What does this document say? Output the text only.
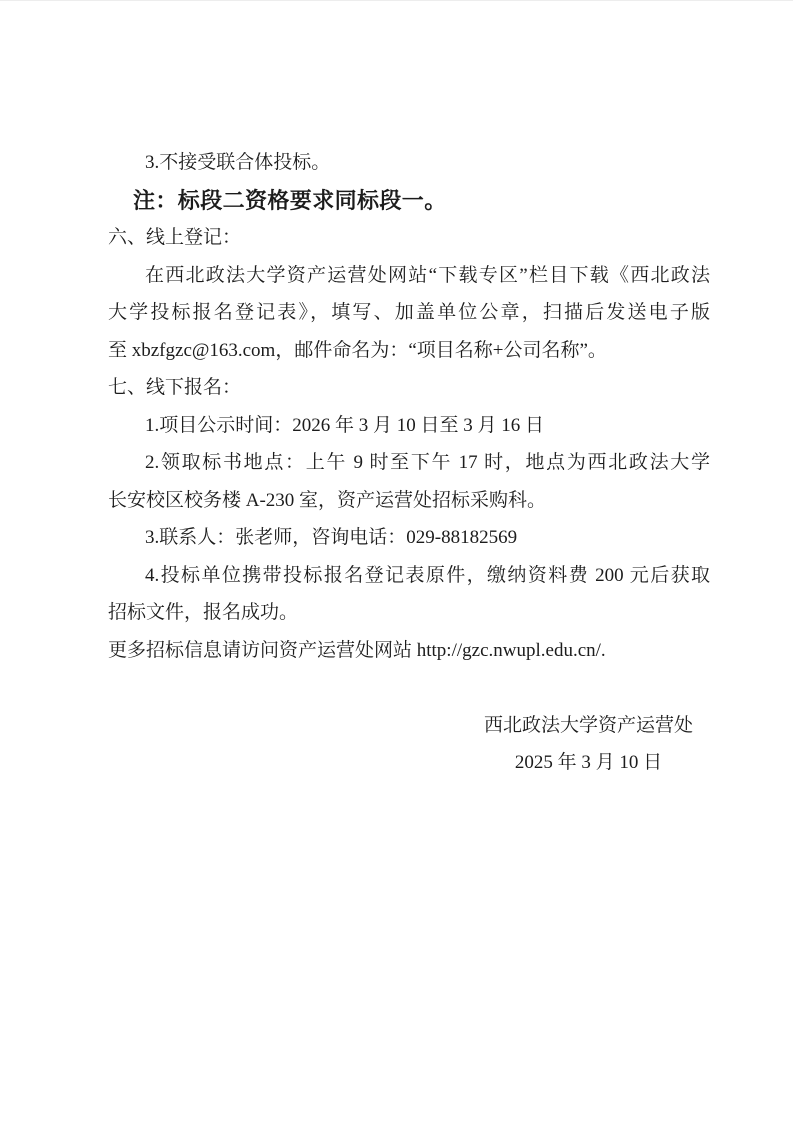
3.不接受联合体投标。
注：标段二资格要求同标段一。
六、线上登记：
在西北政法大学资产运营处网站“下载专区”栏目下载《西北政法
大学投标报名登记表》，填写、加盖单位公章，扫描后发送电子版
至 xbzfgzc@163.com，邮件命名为：“项目名称+公司名称”。
七、线下报名：
1.项目公示时间：2026 年 3 月 10 日至 3 月 16 日
2.领取标书地点：上午 9 时至下午 17 时，地点为西北政法大学
长安校区校务楼 A-230 室，资产运营处招标采购科。
3.联系人：张老师，咨询电话：029-88182569
4.投标单位携带投标报名登记表原件，缴纳资料费 200 元后获取
招标文件，报名成功。
更多招标信息请访问资产运营处网站 http://gzc.nwupl.edu.cn/.
西北政法大学资产运营处
2025 年 3 月 10 日
